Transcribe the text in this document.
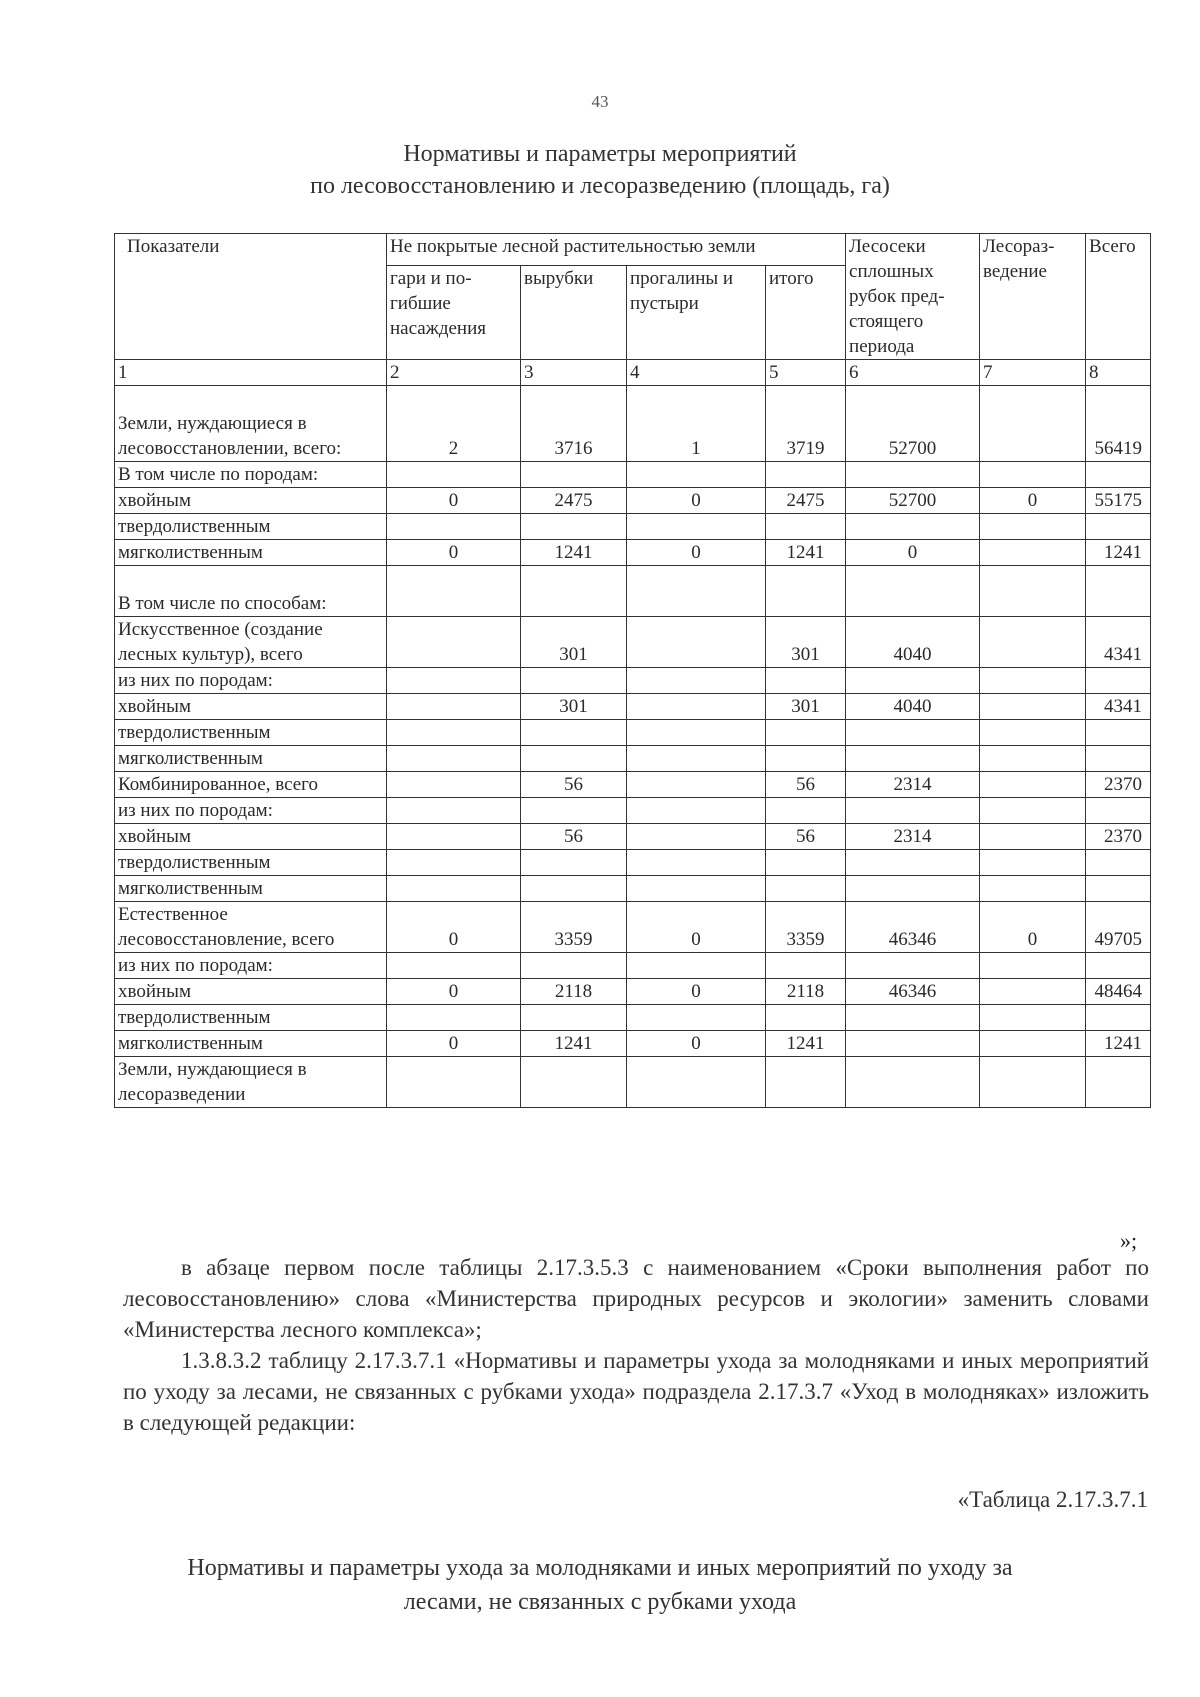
43
Нормативы и параметры мероприятий
по лесовосстановлению и лесоразведению (площадь, га)
Показатели	Не покрытые лесной растительностью земли				Лесосеки сплошных рубок пред-стоящего периода	Лесораз-ведение	Всего
	гари и по-гибшие насаждения	вырубки	прогалины и пустыри	итого			
1	2	3	4	5	6	7	8
Земли, нуждающиеся в лесовосстановлении, всего:	2	3716	1	3719	52700		56419
В том числе по породам:							
хвойным	0	2475	0	2475	52700	0	55175
твердолиственным							
мягколиственным	0	1241	0	1241	0		1241
В том числе по способам:							
Искусственное (создание лесных культур), всего		301		301	4040		4341
из них по породам:							
хвойным		301		301	4040		4341
твердолиственным							
мягколиственным							
Комбинированное, всего		56		56	2314		2370
из них по породам:							
хвойным		56		56	2314		2370
твердолиственным							
мягколиственным							
Естественное лесовосстановление, всего	0	3359	0	3359	46346	0	49705
из них по породам:							
хвойным	0	2118	0	2118	46346		48464
твердолиственным							
мягколиственным	0	1241	0	1241			1241
Земли, нуждающиеся в лесоразведении							
»;
в абзаце первом после таблицы 2.17.3.5.3 с наименованием «Сроки выполнения работ по лесовосстановлению» слова «Министерства природных ресурсов и экологии» заменить словами «Министерства лесного комплекса»;
1.3.8.3.2 таблицу 2.17.3.7.1 «Нормативы и параметры ухода за молодняками и иных мероприятий по уходу за лесами, не связанных с рубками ухода» подраздела 2.17.3.7 «Уход в молодняках» изложить в следующей редакции:
«Таблица 2.17.3.7.1
Нормативы и параметры ухода за молодняками и иных мероприятий по уходу за
лесами, не связанных с рубками ухода
